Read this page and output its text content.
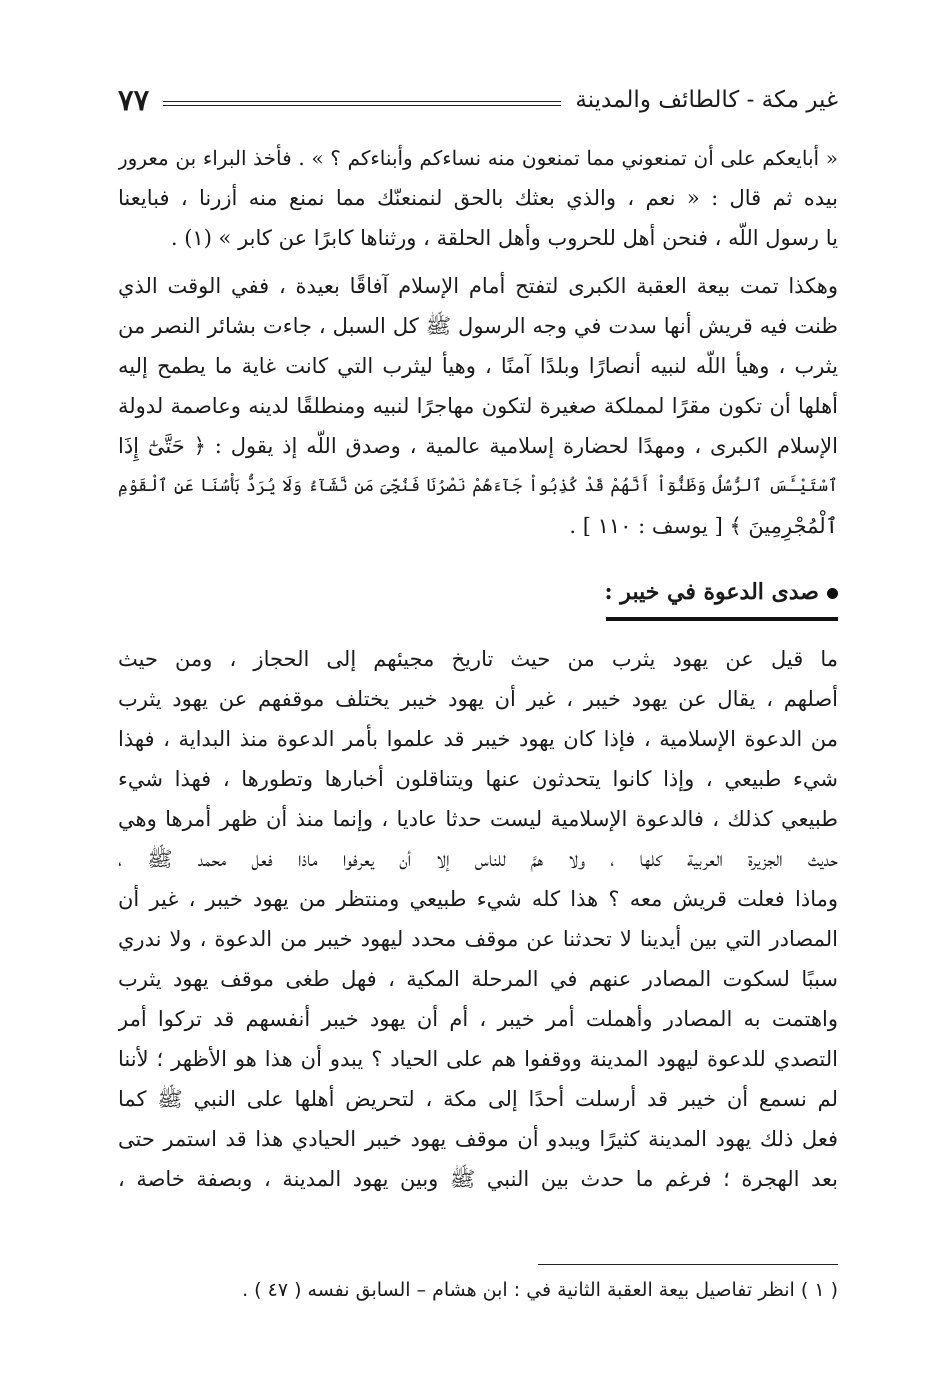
غير مكة - كالطائف والمدينة
٧٧
« أبايعكم على أن تمنعوني مما تمنعون منه نساءكم وأبناءكم ؟ » . فأخذ البراء بن معرور
بيده ثم قال : « نعم ، والذي بعثك بالحق لنمنعنّك مما نمنع منه أزرنا ، فبايعنا
يا رسول اللّه ، فنحن أهل للحروب وأهل الحلقة ، ورثناها كابرًا عن كابر » (١) .
وهكذا تمت بيعة العقبة الكبرى لتفتح أمام الإسلام آفاقًا بعيدة ، ففي الوقت الذي
ظنت فيه قريش أنها سدت في وجه الرسول ﷺ كل السبل ، جاءت بشائر النصر من
يثرب ، وهيأ اللّه لنبيه أنصارًا وبلدًا آمنًا ، وهيأ ليثرب التي كانت غاية ما يطمح إليه
أهلها أن تكون مقرًا لمملكة صغيرة لتكون مهاجرًا لنبيه ومنطلقًا لدينه وعاصمة لدولة
الإسلام الكبرى ، ومهدًا لحضارة إسلامية عالمية ، وصدق اللّه إذ يقول : ﴿ حَتَّىٰٓ إِذَا
ٱسْتَيْـَٔسَ ٱلرُّسُلُ وَظَنُّوٓاْ أَنَّهُمْ قَدْ كُذِبُواْ جَآءَهُمْ نَصْرُنَا فَنُجِّىَ مَن نَّشَآءُ وَلَا يُرَدُّ بَأْسُنَا عَنِ ٱلْقَوْمِ
ٱلْمُجْرِمِينَ ﴾ [ يوسف : ١١٠ ] .
صدى الدعوة في خيبر :
ما قيل عن يهود يثرب من حيث تاريخ مجيئهم إلى الحجاز ، ومن حيث
أصلهم ، يقال عن يهود خيبر ، غير أن يهود خيبر يختلف موقفهم عن يهود يثرب
من الدعوة الإسلامية ، فإذا كان يهود خيبر قد علموا بأمر الدعوة منذ البداية ، فهذا
شيء طبيعي ، وإذا كانوا يتحدثون عنها ويتناقلون أخبارها وتطورها ، فهذا شيء
طبيعي كذلك ، فالدعوة الإسلامية ليست حدثا عاديا ، وإنما منذ أن ظهر أمرها وهي
حديث الجزيرة العربية كلها ، ولا همَّ للناس إلا أن يعرفوا ماذا فعل محمد ﷺ ،
وماذا فعلت قريش معه ؟ هذا كله شيء طبيعي ومنتظر من يهود خيبر ، غير أن
المصادر التي بين أيدينا لا تحدثنا عن موقف محدد ليهود خيبر من الدعوة ، ولا ندري
سببًا لسكوت المصادر عنهم في المرحلة المكية ، فهل طغى موقف يهود يثرب
واهتمت به المصادر وأهملت أمر خيبر ، أم أن يهود خيبر أنفسهم قد تركوا أمر
التصدي للدعوة ليهود المدينة ووقفوا هم على الحياد ؟ يبدو أن هذا هو الأظهر ؛ لأننا
لم نسمع أن خيبر قد أرسلت أحدًا إلى مكة ، لتحريض أهلها على النبي ﷺ كما
فعل ذلك يهود المدينة كثيرًا ويبدو أن موقف يهود خيبر الحيادي هذا قد استمر حتى
بعد الهجرة ؛ فرغم ما حدث بين النبي ﷺ وبين يهود المدينة ، وبصفة خاصة ،
( ١ ) انظر تفاصيل بيعة العقبة الثانية في : ابن هشام – السابق نفسه ( ٤٧ ) .
